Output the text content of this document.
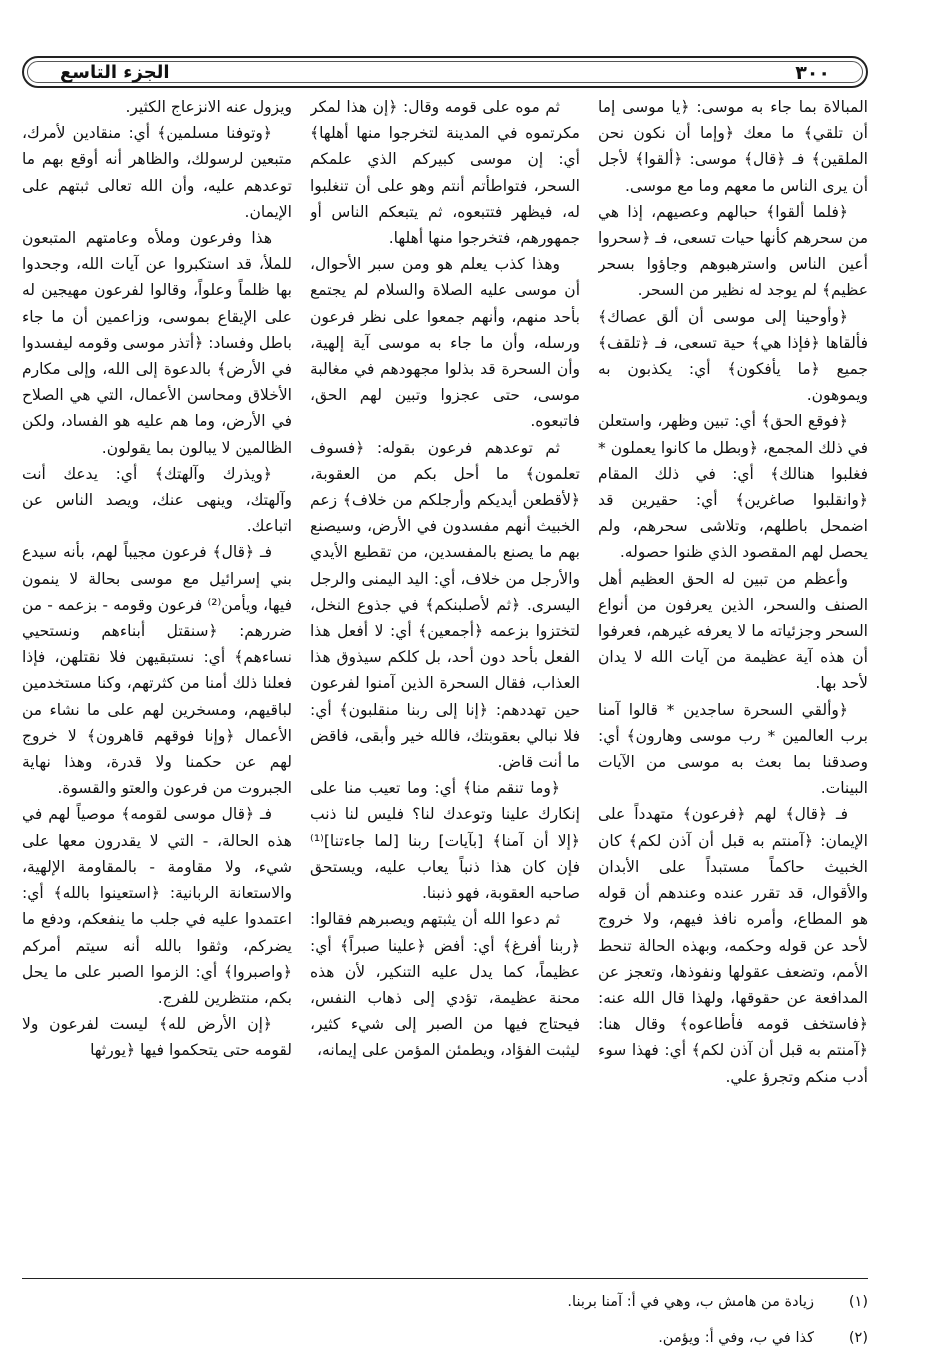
٣٠٠
الجزء التاسع

المبالاة بما جاء به موسى: ﴿يا موسى إما أن تلقي﴾ ما معك ﴿وإما أن نكون نحن الملقين﴾ فـ ﴿قال﴾ موسى: ﴿ألقوا﴾ لأجل أن يرى الناس ما معهم وما مع موسى.

﴿فلما ألقوا﴾ حبالهم وعصيهم، إذا هي من سحرهم كأنها حيات تسعى، فـ ﴿سحروا أعين الناس واسترهبوهم وجاؤوا بسحر عظيم﴾ لم يوجد له نظير من السحر.

﴿وأوحينا إلى موسى أن ألق عصاك﴾ فألقاها ﴿فإذا هي﴾ حية تسعى، فـ ﴿تلقف﴾ جميع ﴿ما يأفكون﴾ أي: يكذبون به ويموهون.

﴿فوقع الحق﴾ أي: تبين وظهر، واستعلن في ذلك المجمع، ﴿وبطل ما كانوا يعملون * فغلبوا هنالك﴾ أي: في ذلك المقام ﴿وانقلبوا صاغرين﴾ أي: حقيرين قد اضمحل باطلهم، وتلاشى سحرهم، ولم يحصل لهم المقصود الذي ظنوا حصوله.

وأعظم من تبين له الحق العظيم أهل الصنف والسحر، الذين يعرفون من أنواع السحر وجزئياته ما لا يعرفه غيرهم، فعرفوا أن هذه آية عظيمة من آيات الله لا يدان لأحد بها.

﴿وألقي السحرة ساجدين * قالوا آمنا برب العالمين * رب موسى وهارون﴾ أي: وصدقنا بما بعث به موسى من الآيات البينات.

فـ ﴿قال﴾ لهم ﴿فرعون﴾ متهدداً على الإيمان: ﴿آمنتم به قبل أن آذن لكم﴾ كان الخبيث حاكماً مستبداً على الأبدان والأقوال، قد تقرر عنده وعندهم أن قوله هو المطاع، وأمره نافذ فيهم، ولا خروج لأحد عن قوله وحكمه، وبهذه الحالة تنحط الأمم، وتضعف عقولها ونفوذها، وتعجز عن المدافعة عن حقوقها، ولهذا قال الله عنه: ﴿فاستخف قومه فأطاعوه﴾ وقال هنا: ﴿آمنتم به قبل أن آذن لكم﴾ أي: فهذا سوء أدب منكم وتجرؤ علي.

ثم موه على قومه وقال: ﴿إن هذا لمكر مكرتموه في المدينة لتخرجوا منها أهلها﴾ أي: إن موسى كبيركم الذي علمكم السحر، فتواطأتم أنتم وهو على أن تنغلبوا له، فيظهر فتتبعوه، ثم يتبعكم الناس أو جمهورهم، فتخرجوا منها أهلها.

وهذا كذب يعلم هو ومن سبر الأحوال، أن موسى عليه الصلاة والسلام لم يجتمع بأحد منهم، وأنهم جمعوا على نظر فرعون ورسله، وأن ما جاء به موسى آية إلهية، وأن السحرة قد بذلوا مجهودهم في مغالبة موسى، حتى عجزوا وتبين لهم الحق، فاتبعوه.

ثم توعدهم فرعون بقوله: ﴿فسوف تعلمون﴾ ما أحل بكم من العقوبة، ﴿لأقطعن أيديكم وأرجلكم من خلاف﴾ زعم الخبيث أنهم مفسدون في الأرض، وسيصنع بهم ما يصنع بالمفسدين، من تقطيع الأيدي والأرجل من خلاف، أي: اليد اليمنى والرجل اليسرى. ﴿ثم لأصلبنكم﴾ في جذوع النخل، لتختزوا بزعمه ﴿أجمعين﴾ أي: لا أفعل هذا الفعل بأحد دون أحد، بل كلكم سيذوق هذا العذاب، فقال السحرة الذين آمنوا لفرعون حين تهددهم: ﴿إنا إلى ربنا منقلبون﴾ أي: فلا نبالي بعقوبتك، فالله خير وأبقى، فاقض ما أنت قاض.

﴿وما تنقم منا﴾ أي: وما تعيب منا على إنكارك علينا وتوعدك لنا؟ فليس لنا ذنب ﴿إلا أن آمنا﴾ [بآيات] ربنا [لما جاءتنا]⁽¹⁾ فإن كان هذا ذنباً يعاب عليه، ويستحق صاحبه العقوبة، فهو ذنبنا.

ثم دعوا الله أن يثبتهم ويصبرهم فقالوا: ﴿ربنا أفرغ﴾ أي: أفض ﴿علينا صبراً﴾ أي: عظيماً، كما يدل عليه التنكير، لأن هذه محنة عظيمة، تؤدي إلى ذهاب النفس، فيحتاج فيها من الصبر إلى شيء كثير، ليثبت الفؤاد، ويطمئن المؤمن على إيمانه،

ويزول عنه الانزعاج الكثير.

﴿وتوفنا مسلمين﴾ أي: منقادين لأمرك، متبعين لرسولك، والظاهر أنه أوقع بهم ما توعدهم عليه، وأن الله تعالى ثبتهم على الإيمان.

هذا وفرعون وملأه وعامتهم المتبعون للملأ، قد استكبروا عن آيات الله، وجحدوا بها ظلماً وعلواً، وقالوا لفرعون مهيجين له على الإيقاع بموسى، وزاعمين أن ما جاء باطل وفساد: ﴿أتذر موسى وقومه ليفسدوا في الأرض﴾ بالدعوة إلى الله، وإلى مكارم الأخلاق ومحاسن الأعمال، التي هي الصلاح في الأرض، وما هم عليه هو الفساد، ولكن الظالمين لا يبالون بما يقولون.

﴿ويذرك وآلهتك﴾ أي: يدعك أنت وآلهتك، وينهى عنك، ويصد الناس عن اتباعك.

فـ ﴿قال﴾ فرعون مجيباً لهم، بأنه سيدع بني إسرائيل مع موسى بحالة لا ينمون فيها، ويأمن⁽²⁾ فرعون وقومه - بزعمه - من ضررهم: ﴿سنقتل أبناءهم ونستحيي نساءهم﴾ أي: نستبقيهن فلا نقتلهن، فإذا فعلنا ذلك أمنا من كثرتهم، وكنا مستخدمين لباقيهم، ومسخرين لهم على ما نشاء من الأعمال ﴿وإنا فوقهم قاهرون﴾ لا خروج لهم عن حكمنا ولا قدرة، وهذا نهاية الجبروت من فرعون والعتو والقسوة.

فـ ﴿قال موسى لقومه﴾ موصياً لهم في هذه الحالة، - التي لا يقدرون معها على شيء، ولا مقاومة - بالمقاومة الإلهية، والاستعانة الربانية: ﴿استعينوا بالله﴾ أي: اعتمدوا عليه في جلب ما ينفعكم، ودفع ما يضركم، وثقوا بالله أنه سيتم أمركم ﴿واصبروا﴾ أي: الزموا الصبر على ما يحل بكم، منتظرين للفرج.

﴿إن الأرض لله﴾ ليست لفرعون ولا لقومه حتى يتحكموا فيها ﴿يورثها

(١)
زيادة من هامش ب، وهي في أ: آمنا بربنا.
(٢)
كذا في ب، وفي أ: ويؤمن.
